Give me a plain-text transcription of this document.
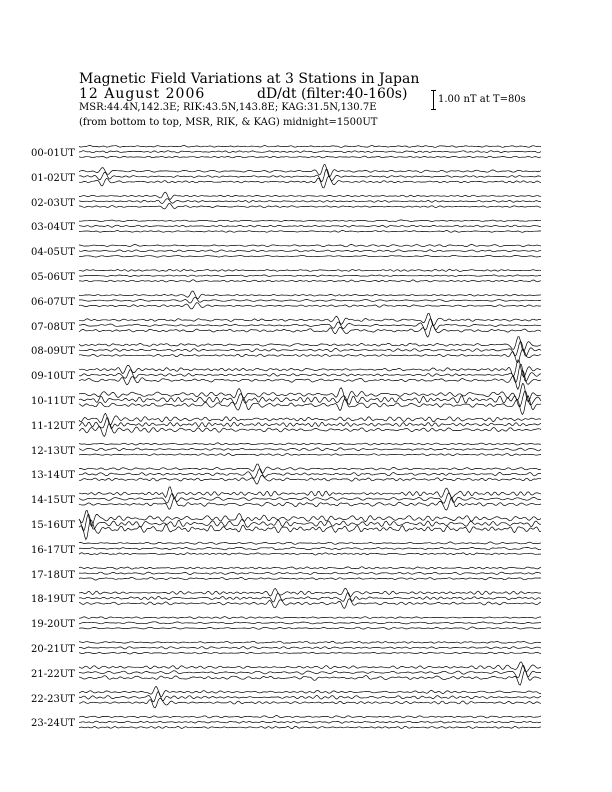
Magnetic Field Variations at 3 Stations in Japan
12 August 2006	dD/dt (filter:40-160s)
MSR:44.4N,142.3E; RIK:43.5N,143.8E; KAG:31.5N,130.7E
(from bottom to top, MSR, RIK, & KAG) midnight=1500UT
1.00 nT at T=80s
00-01UT
01-02UT
02-03UT
03-04UT
04-05UT
05-06UT
06-07UT
07-08UT
08-09UT
09-10UT
10-11UT
11-12UT
12-13UT
13-14UT
14-15UT
15-16UT
16-17UT
17-18UT
18-19UT
19-20UT
20-21UT
21-22UT
22-23UT
23-24UT
